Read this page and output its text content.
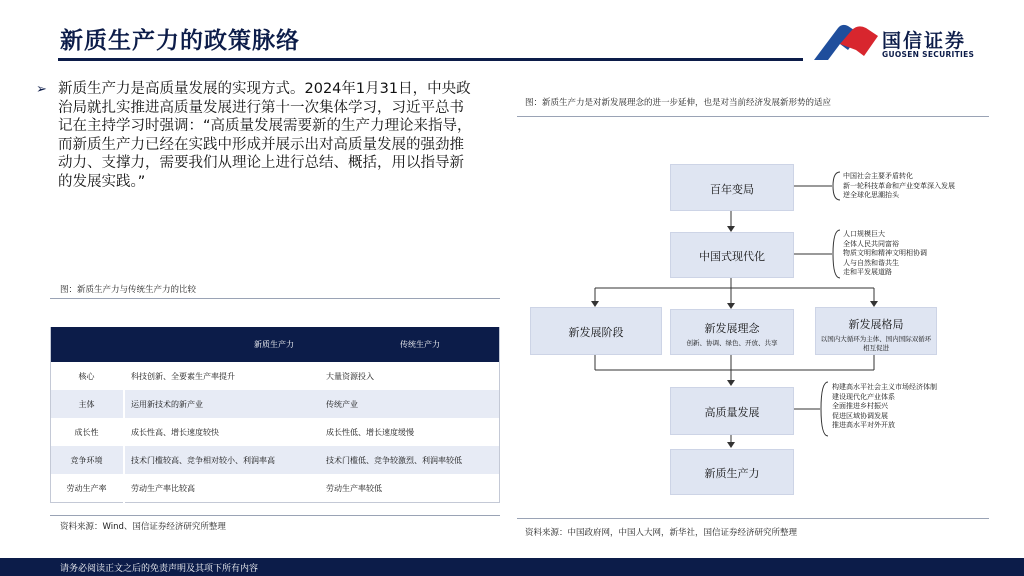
新质生产力的政策脉络	国信证券
GUOSEN SECURITIES
➢ 新质生产力是高质量发展的实现方式。2024年1月31日，中央政治局就扎实推进高质量发展进行第十一次集体学习，习近平总书记在主持学习时强调：“高质量发展需要新的生产力理论来指导，而新质生产力已经在实践中形成并展示出对高质量发展的强劲推动力、支撑力，需要我们从理论上进行总结、概括，用以指导新的发展实践。”
图：新质生产力与传统生产力的比较
	新质生产力	传统生产力
核心	科技创新、全要素生产率提升	大量资源投入
主体	运用新技术的新产业	传统产业
成长性	成长性高、增长速度较快	成长性低、增长速度缓慢
竞争环境	技术门槛较高、竞争相对较小、利润率高	技术门槛低、竞争较激烈、利润率较低
劳动生产率	劳动生产率比较高	劳动生产率较低
资料来源：Wind、国信证券经济研究所整理
图：新质生产力是对新发展理念的进一步延伸，也是对当前经济发展新形势的适应
百年变局
中国式现代化
新发展阶段	新发展理念
创新、协调、绿色、开放、共享
新发展格局
以国内大循环为主体、国内国际双循环相互促进
高质量发展
新质生产力
中国社会主要矛盾转化
新一轮科技革命和产业变革深入发展
逆全球化思潮抬头
人口规模巨大
全体人民共同富裕
物质文明和精神文明相协调
人与自然和谐共生
走和平发展道路
构建高水平社会主义市场经济体制
建设现代化产业体系
全面推进乡村振兴
促进区域协调发展
推进高水平对外开放
资料来源：中国政府网，中国人大网，新华社，国信证券经济研究所整理
请务必阅读正文之后的免责声明及其项下所有内容
